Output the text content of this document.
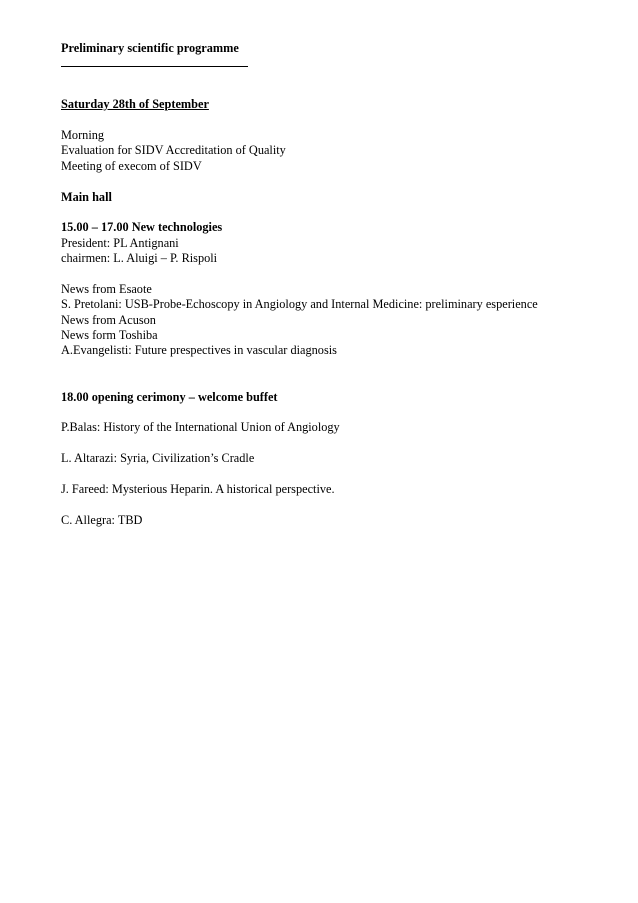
Preliminary scientific programme
Saturday 28th of September
Morning
Evaluation for SIDV Accreditation of Quality
Meeting of execom of SIDV
Main hall
15.00 – 17.00 New technologies
President: PL Antignani
chairmen: L. Aluigi – P. Rispoli
News from Esaote
S. Pretolani: USB-Probe-Echoscopy in Angiology and Internal Medicine: preliminary esperience
News from Acuson
News form Toshiba
A.Evangelisti: Future prespectives in vascular diagnosis
18.00 opening cerimony – welcome buffet
P.Balas: History of the International Union of Angiology
L. Altarazi: Syria, Civilization’s Cradle
J. Fareed: Mysterious Heparin. A historical perspective.
C. Allegra: TBD
